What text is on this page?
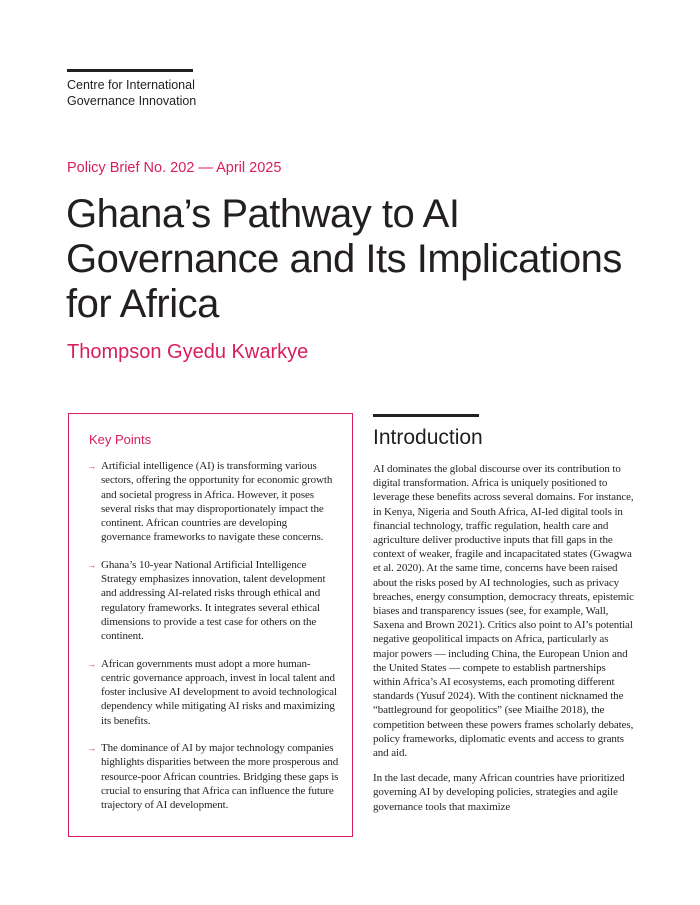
Centre for International
Governance Innovation
Policy Brief No. 202 — April 2025
Ghana’s Pathway to AI Governance and Its Implications for Africa
Thompson Gyedu Kwarkye
Key Points
→ Artificial intelligence (AI) is transforming various sectors, offering the opportunity for economic growth and societal progress in Africa. However, it poses several risks that may disproportionately impact the continent. African countries are developing governance frameworks to navigate these concerns.
→ Ghana’s 10-year National Artificial Intelligence Strategy emphasizes innovation, talent development and addressing AI-related risks through ethical and regulatory frameworks. It integrates several ethical dimensions to provide a test case for others on the continent.
→ African governments must adopt a more human-centric governance approach, invest in local talent and foster inclusive AI development to avoid technological dependency while mitigating AI risks and maximizing its benefits.
→ The dominance of AI by major technology companies highlights disparities between the more prosperous and resource-poor African countries. Bridging these gaps is crucial to ensuring that Africa can influence the future trajectory of AI development.
Introduction

AI dominates the global discourse over its contribution to digital transformation. Africa is uniquely positioned to leverage these benefits across several domains. For instance, in Kenya, Nigeria and South Africa, AI-led digital tools in financial technology, traffic regulation, health care and agriculture deliver productive inputs that fill gaps in the context of weaker, fragile and incapacitated states (Gwagwa et al. 2020). At the same time, concerns have been raised about the risks posed by AI technologies, such as privacy breaches, energy consumption, democracy threats, epistemic biases and transparency issues (see, for example, Wall, Saxena and Brown 2021). Critics also point to AI’s potential negative geopolitical impacts on Africa, particularly as major powers — including China, the European Union and the United States — compete to establish partnerships within Africa’s AI ecosystems, each promoting different standards (Yusuf 2024). With the continent nicknamed the “battleground for geopolitics” (see Miailhe 2018), the competition between these powers frames scholarly debates, policy frameworks, diplomatic events and access to grants and aid.

In the last decade, many African countries have prioritized governing AI by developing policies, strategies and agile governance tools that maximize
